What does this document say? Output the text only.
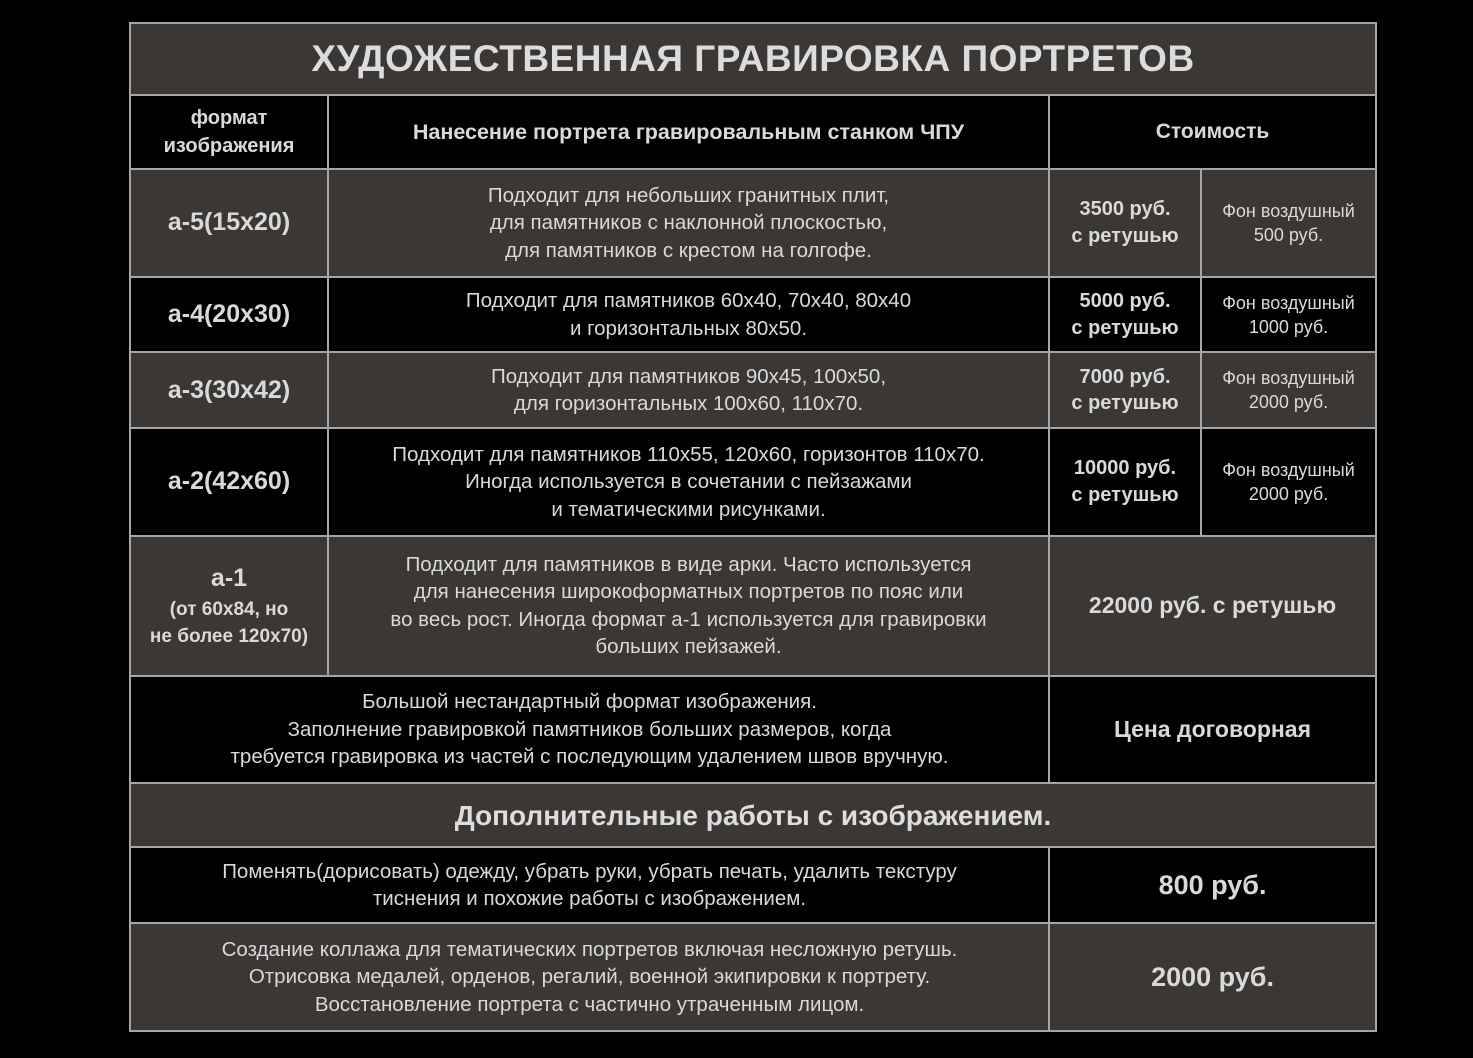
ХУДОЖЕСТВЕННАЯ ГРАВИРОВКА ПОРТРЕТОВ			
формат
изображения	Нанесение портрета гравировальным станком ЧПУ	Стоимость	

a-5(15x20)	Подходит для небольших гранитных плит,
для памятников с наклонной плоскостью,
для памятников с крестом на голгофе.	3500 руб.
с ретушью	Фон воздушный
500 руб.

a-4(20x30)	Подходит для памятников 60x40, 70x40, 80x40
и горизонтальных 80x50.	5000 руб.
с ретушью	Фон воздушный
1000 руб.

a-3(30x42)	Подходит для памятников 90x45, 100x50,
для горизонтальных 100x60, 110x70.	7000 руб.
с ретушью	Фон воздушный
2000 руб.

a-2(42x60)	Подходит для памятников 110x55, 120x60, горизонтов 110x70.
Иногда используется в сочетании с пейзажами
и тематическими рисунками.	10000 руб.
с ретушью	Фон воздушный
2000 руб.

a-1
(от 60x84, но
не более 120x70)	Подходит для памятников в виде арки. Часто используется
для нанесения широкоформатных портретов по пояс или
во весь рост. Иногда формат a-1 используется для гравировки
больших пейзажей.	22000 руб. с ретушью	

Большой нестандартный формат изображения.
Заполнение гравировкой памятников больших размеров, когда
требуется гравировка из частей с последующим удалением швов вручную.		Цена договорная	
Дополнительные работы с изображением.			

Поменять(дорисовать) одежду, убрать руки, убрать печать, удалить текстуру
тиснения и похожие работы с изображением.		800 руб.	

Создание коллажа для тематических портретов включая несложную ретушь.
Отрисовка медалей, орденов, регалий, военной экипировки к портрету.
Восстановление портрета с частично утраченным лицом.		2000 руб.	
